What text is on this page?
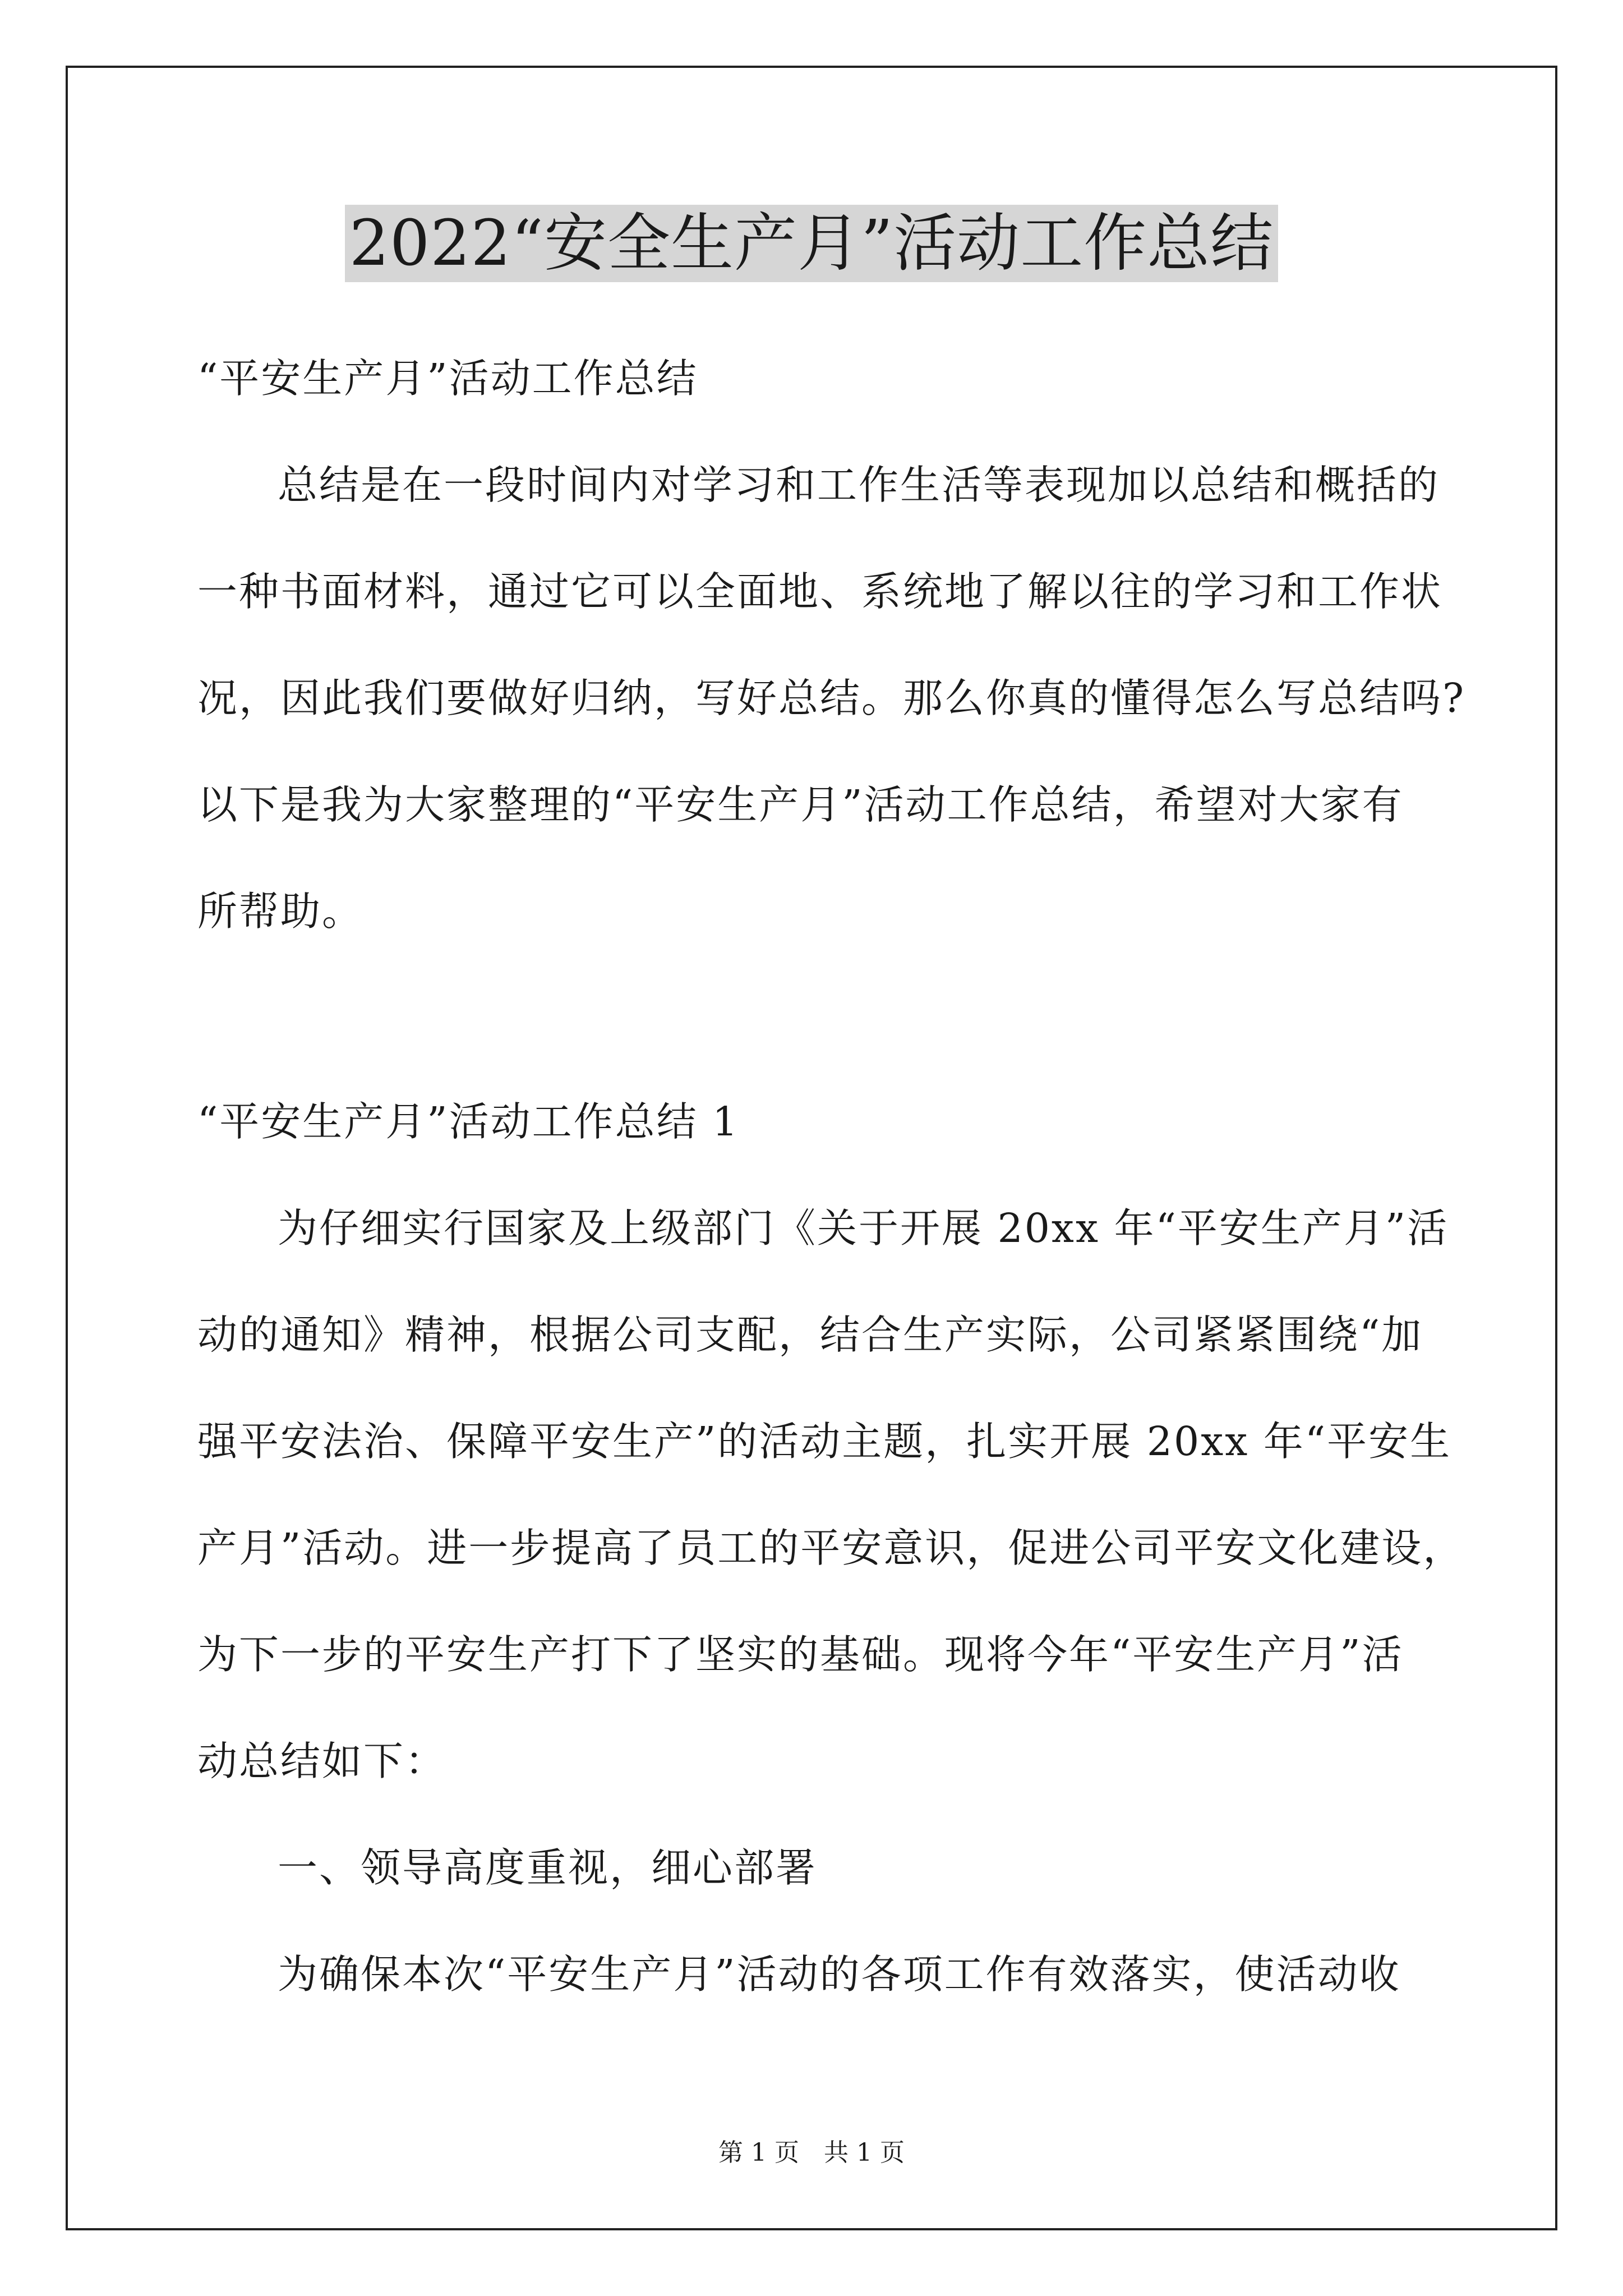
2022“安全生产月”活动工作总结
“平安生产月”活动工作总结
总结是在一段时间内对学习和工作生活等表现加以总结和概括的
一种书面材料，通过它可以全面地、系统地了解以往的学习和工作状
况，因此我们要做好归纳，写好总结。那么你真的懂得怎么写总结吗?
以下是我为大家整理的“平安生产月”活动工作总结，希望对大家有
所帮助。
“平安生产月”活动工作总结 1
为仔细实行国家及上级部门《关于开展 20xx 年“平安生产月”活
动的通知》精神，根据公司支配，结合生产实际，公司紧紧围绕“加
强平安法治、保障平安生产”的活动主题，扎实开展 20xx 年“平安生
产月”活动。进一步提高了员工的平安意识，促进公司平安文化建设，
为下一步的平安生产打下了坚实的基础。现将今年“平安生产月”活
动总结如下：
一、领导高度重视，细心部署
为确保本次“平安生产月”活动的各项工作有效落实，使活动收
第 1 页　共 1 页
